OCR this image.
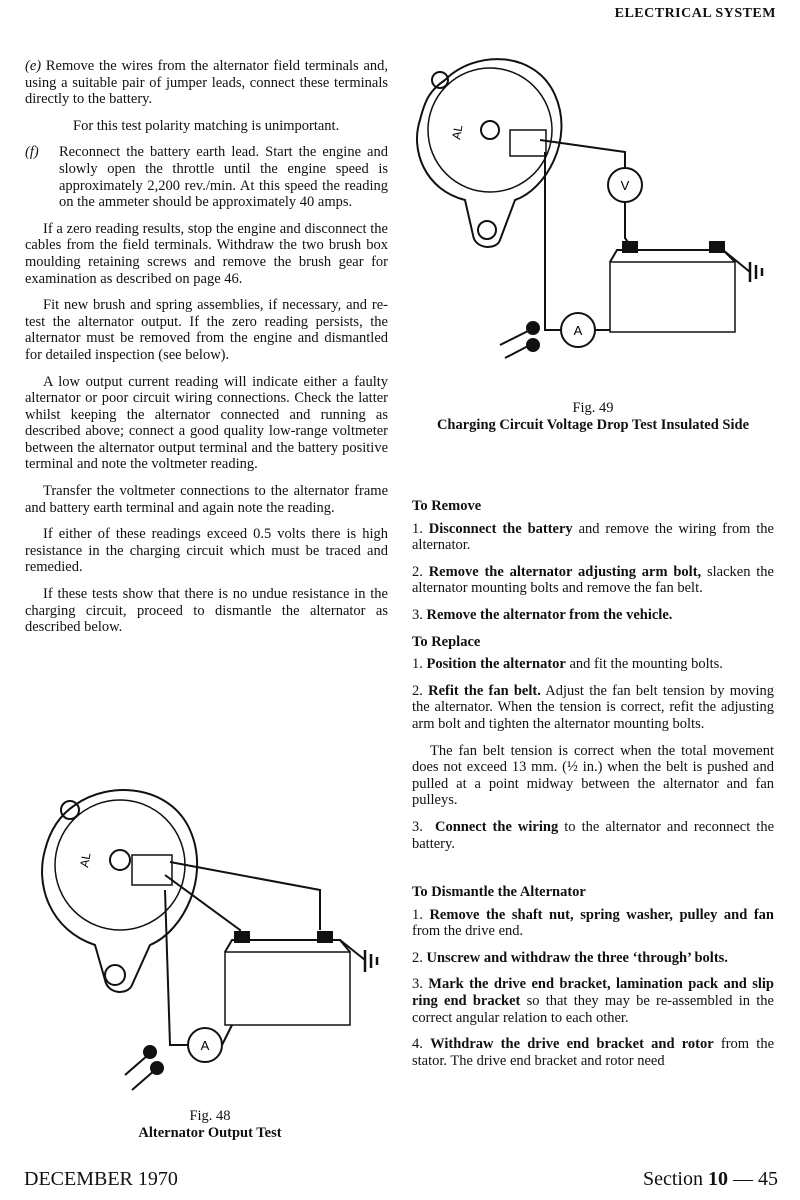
ELECTRICAL SYSTEM
(e) Remove the wires from the alternator field terminals and, using a suitable pair of jumper leads, connect these terminals directly to the battery.
For this test polarity matching is unimportant.
(f)	Reconnect the battery earth lead. Start the engine and slowly open the throttle until the engine speed is approximately 2,200 rev./min. At this speed the reading on the ammeter should be approximately 40 amps.
If a zero reading results, stop the engine and disconnect the cables from the field terminals. Withdraw the two brush box moulding retaining screws and remove the brush gear for examination as described on page 46.
Fit new brush and spring assemblies, if necessary, and re-test the alternator output. If the zero reading persists, the alternator must be removed from the engine and dismantled for detailed inspection (see below).
A low output current reading will indicate either a faulty alternator or poor circuit wiring connections. Check the latter whilst keeping the alternator connected and running as described above; connect a good quality low-range voltmeter between the alternator output terminal and the battery positive terminal and note the voltmeter reading.
Transfer the voltmeter connections to the alternator frame and battery earth terminal and again note the reading.
If either of these readings exceed 0.5 volts there is high resistance in the charging circuit which must be traced and remedied.
If these tests show that there is no undue resistance in the charging circuit, proceed to dismantle the alternator as described below.
V
A
AL
Fig. 49
Charging Circuit Voltage Drop Test Insulated Side
A
AL
Fig. 48
Alternator Output Test
To Remove
1. Disconnect the battery and remove the wiring from the alternator.
2. Remove the alternator adjusting arm bolt, slacken the alternator mounting bolts and remove the fan belt.
3. Remove the alternator from the vehicle.
To Replace
1. Position the alternator and fit the mounting bolts.
2. Refit the fan belt. Adjust the fan belt tension by moving the alternator. When the tension is correct, refit the adjusting arm bolt and tighten the alternator mounting bolts.
The fan belt tension is correct when the total movement does not exceed 13 mm. (½ in.) when the belt is pushed and pulled at a point midway between the alternator and fan pulleys.
3. Connect the wiring to the alternator and reconnect the battery.
To Dismantle the Alternator
1. Remove the shaft nut, spring washer, pulley and fan from the drive end.
2. Unscrew and withdraw the three ‘through’ bolts.
3. Mark the drive end bracket, lamination pack and slip ring end bracket so that they may be re-assembled in the correct angular relation to each other.
4. Withdraw the drive end bracket and rotor from the stator. The drive end bracket and rotor need
DECEMBER 1970	Section 10 — 45
